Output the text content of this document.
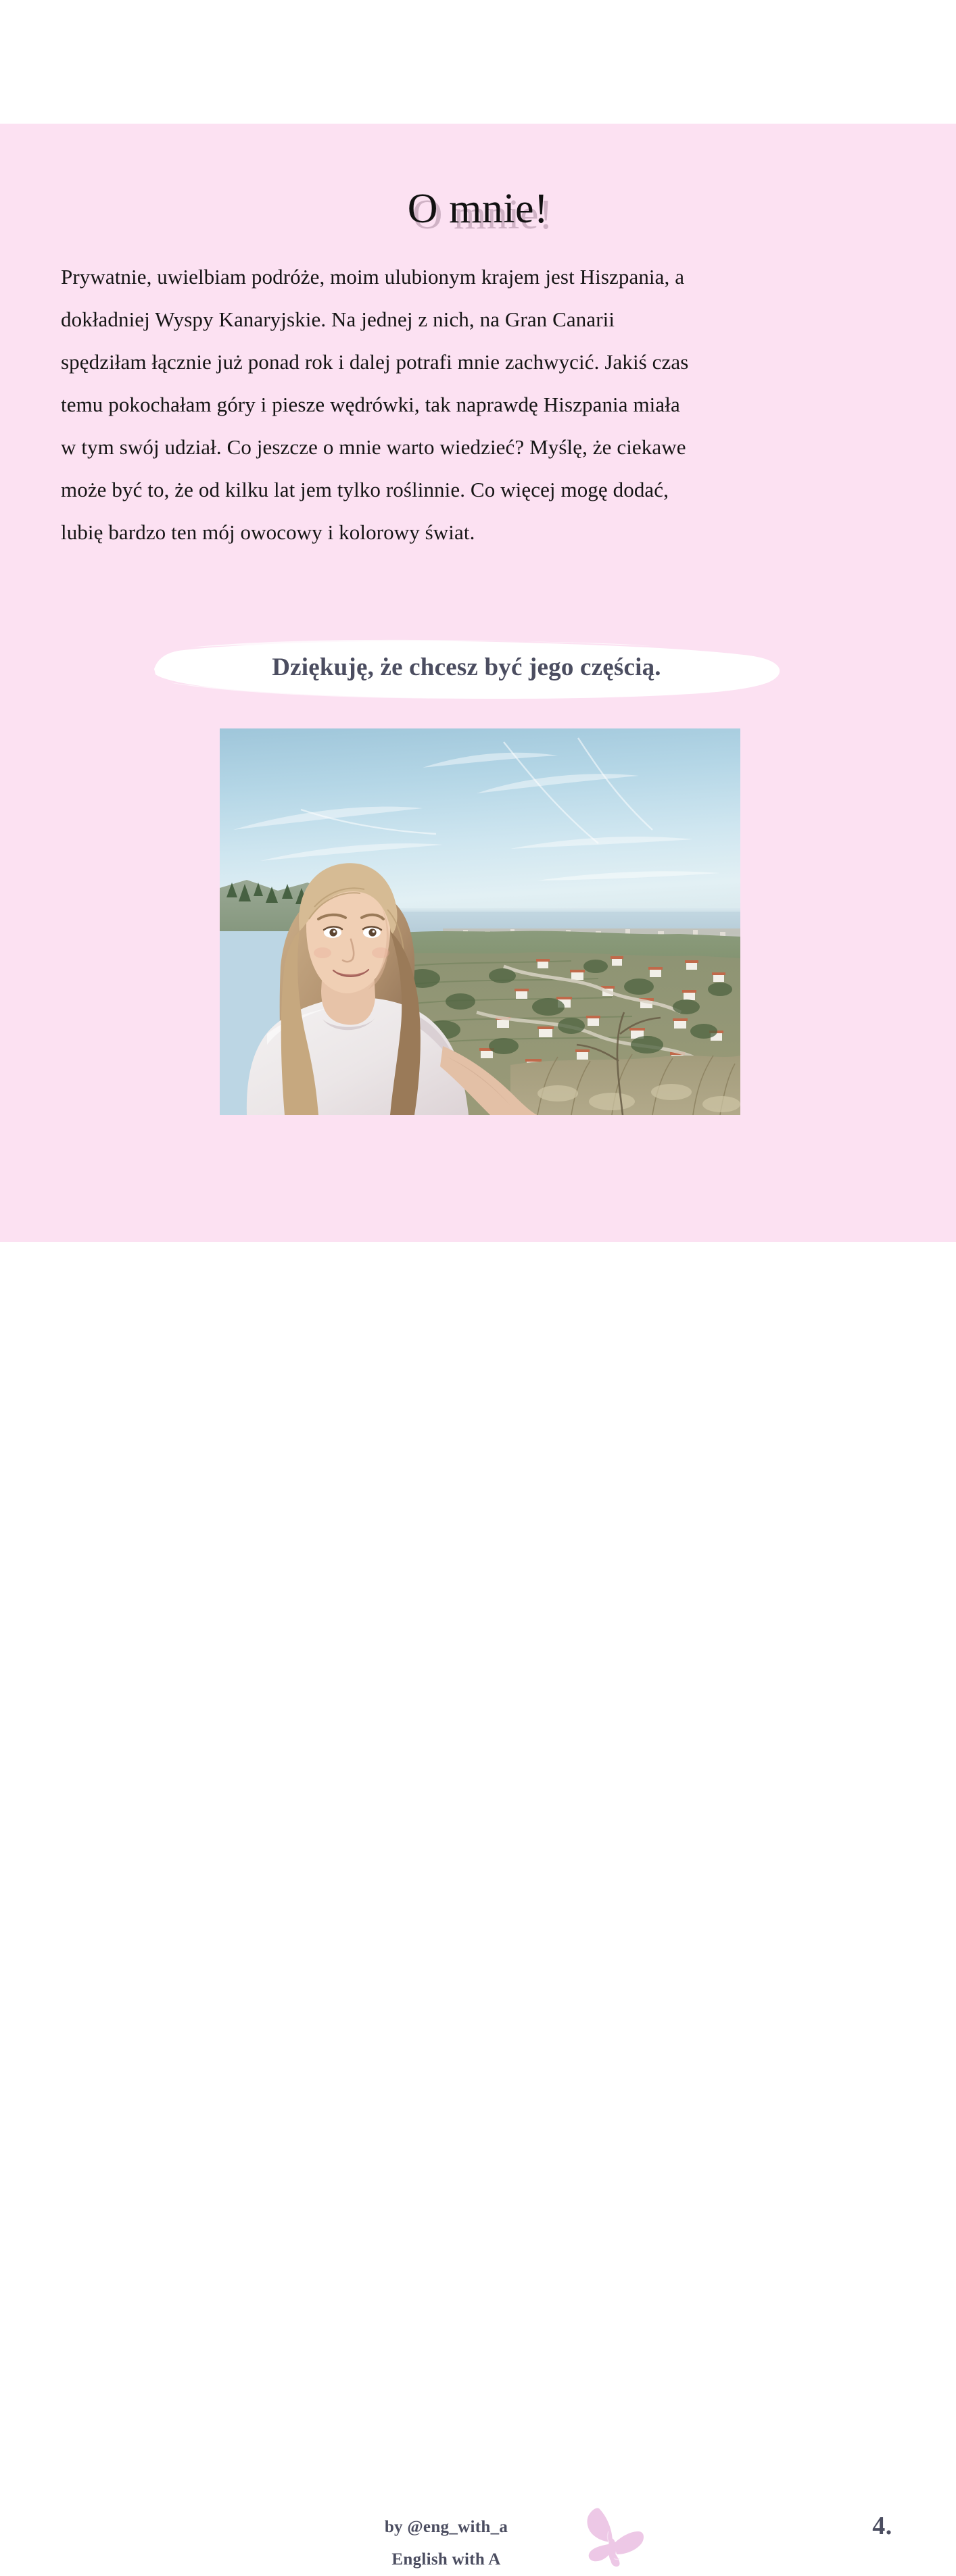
O mnie!

Prywatnie, uwielbiam podróże, moim ulubionym krajem jest Hiszpania, a dokładniej Wyspy Kanaryjskie. Na jednej z nich, na Gran Canarii spędziłam łącznie już ponad rok i dalej potrafi mnie zachwycić. Jakiś czas temu pokochałam góry i piesze wędrówki, tak naprawdę Hiszpania miała w tym swój udział. Co jeszcze o mnie warto wiedzieć? Myślę, że ciekawe może być to, że od kilku lat jem tylko roślinnie. Co więcej mogę dodać, lubię bardzo ten mój owocowy i kolorowy świat.

Dziękuję, że chcesz być jego częścią.
by @eng_with_a
English with A
4.
